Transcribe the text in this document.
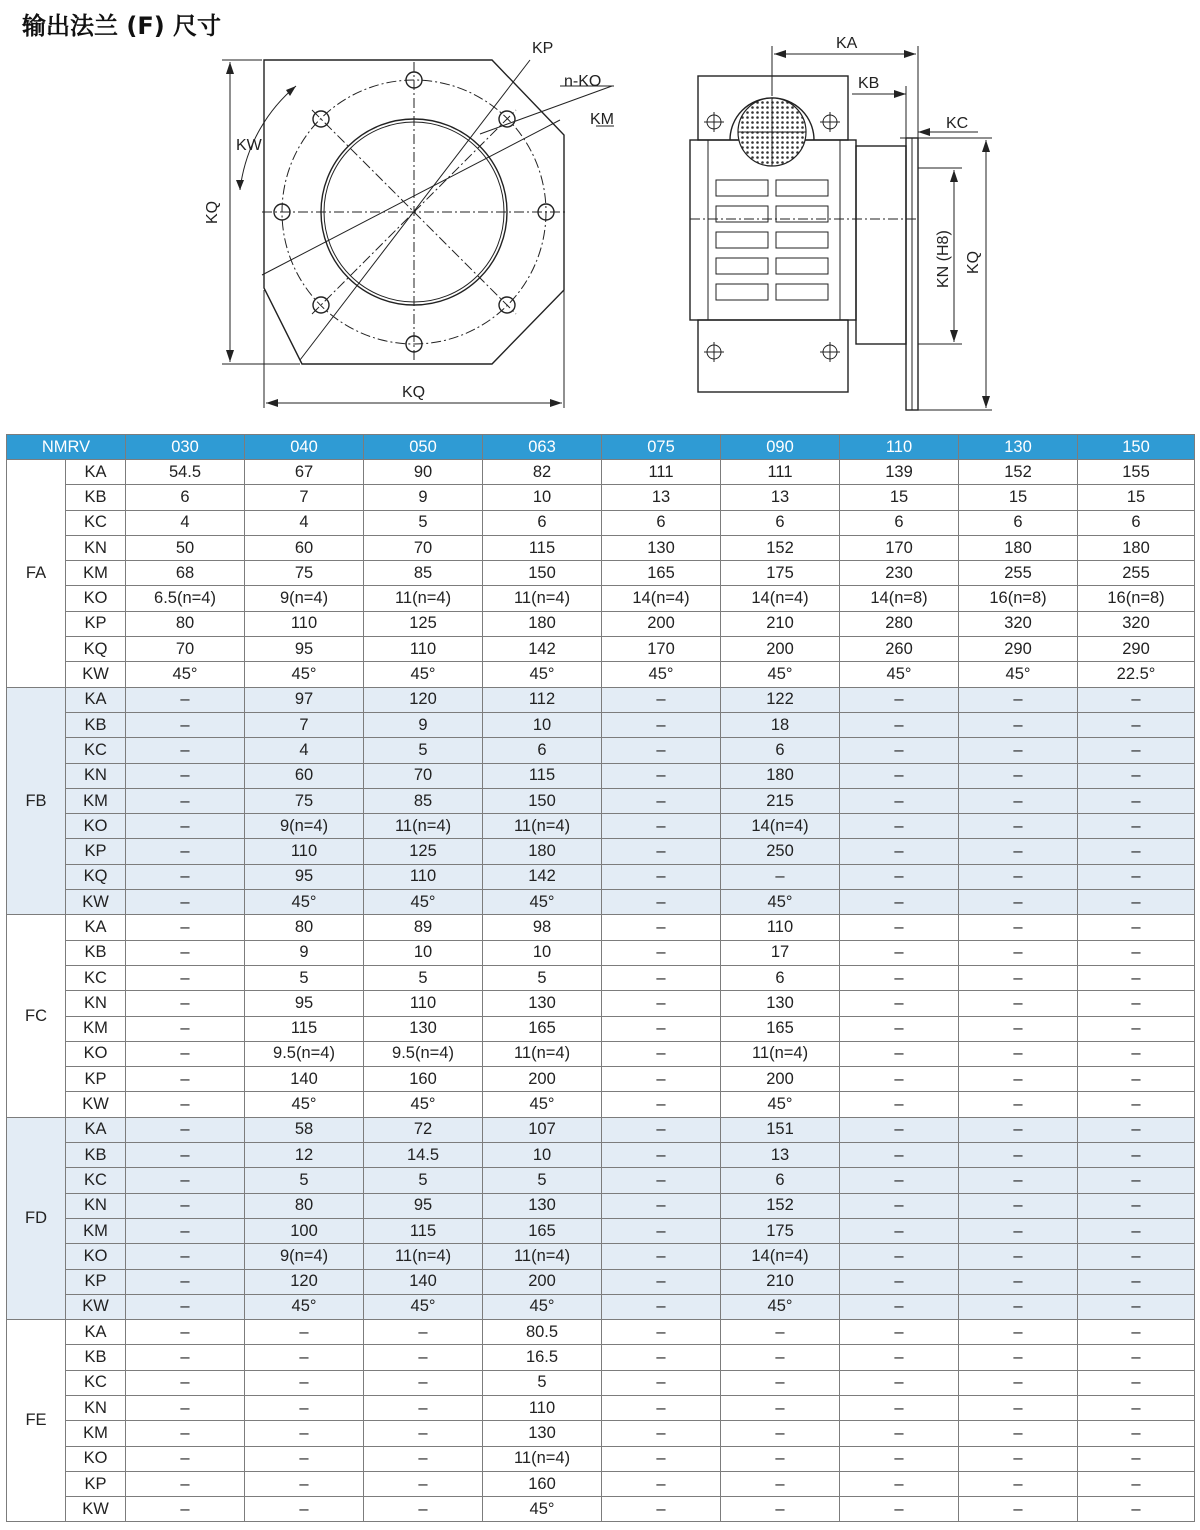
输出法兰 (F) 尺寸
KP
n-KO
KM
KW
KQ
KQ
KA
KB
KC
KN (H8) KQ
NMRV		030	040	050	063	075	090	110	130	150
FA	KA	54.5	67	90	82	111	111	139	152	155
	KB	6	7	9	10	13	13	15	15	15
	KC	4	4	5	6	6	6	6	6	6
	KN	50	60	70	115	130	152	170	180	180
	KM	68	75	85	150	165	175	230	255	255
	KO	6.5(n=4)	9(n=4)	11(n=4)	11(n=4)	14(n=4)	14(n=4)	14(n=8)	16(n=8)	16(n=8)
	KP	80	110	125	180	200	210	280	320	320
	KQ	70	95	110	142	170	200	260	290	290
	KW	45°	45°	45°	45°	45°	45°	45°	45°	22.5°
FB	KA	–	97	120	112	–	122	–	–	–
	KB	–	7	9	10	–	18	–	–	–
	KC	–	4	5	6	–	6	–	–	–
	KN	–	60	70	115	–	180	–	–	–
	KM	–	75	85	150	–	215	–	–	–
	KO	–	9(n=4)	11(n=4)	11(n=4)	–	14(n=4)	–	–	–
	KP	–	110	125	180	–	250	–	–	–
	KQ	–	95	110	142	–	–	–	–	–
	KW	–	45°	45°	45°	–	45°	–	–	–
FC	KA	–	80	89	98	–	110	–	–	–
	KB	–	9	10	10	–	17	–	–	–
	KC	–	5	5	5	–	6	–	–	–
	KN	–	95	110	130	–	130	–	–	–
	KM	–	115	130	165	–	165	–	–	–
	KO	–	9.5(n=4)	9.5(n=4)	11(n=4)	–	11(n=4)	–	–	–
	KP	–	140	160	200	–	200	–	–	–
	KW	–	45°	45°	45°	–	45°	–	–	–
FD	KA	–	58	72	107	–	151	–	–	–
	KB	–	12	14.5	10	–	13	–	–	–
	KC	–	5	5	5	–	6	–	–	–
	KN	–	80	95	130	–	152	–	–	–
	KM	–	100	115	165	–	175	–	–	–
	KO	–	9(n=4)	11(n=4)	11(n=4)	–	14(n=4)	–	–	–
	KP	–	120	140	200	–	210	–	–	–
	KW	–	45°	45°	45°	–	45°	–	–	–
FE	KA	–	–	–	80.5	–	–	–	–	–
	KB	–	–	–	16.5	–	–	–	–	–
	KC	–	–	–	5	–	–	–	–	–
	KN	–	–	–	110	–	–	–	–	–
	KM	–	–	–	130	–	–	–	–	–
	KO	–	–	–	11(n=4)	–	–	–	–	–
	KP	–	–	–	160	–	–	–	–	–
	KW	–	–	–	45°	–	–	–	–	–
